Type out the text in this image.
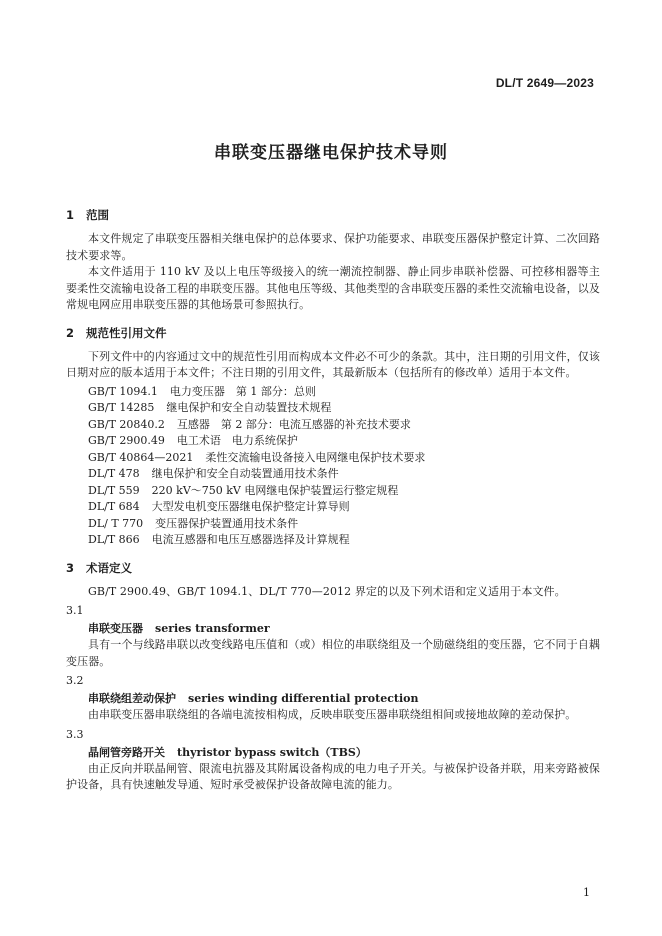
DL/T 2649—2023
串联变压器继电保护技术导则
1 范围

本文件规定了串联变压器相关继电保护的总体要求、保护功能要求、串联变压器保护整定计算、二次回路技术要求等。

本文件适用于 110 kV 及以上电压等级接入的统一潮流控制器、静止同步串联补偿器、可控移相器等主要柔性交流输电设备工程的串联变压器。其他电压等级、其他类型的含串联变压器的柔性交流输电设备，以及常规电网应用串联变压器的其他场景可参照执行。

2 规范性引用文件

下列文件中的内容通过文中的规范性引用而构成本文件必不可少的条款。其中，注日期的引用文件，仅该日期对应的版本适用于本文件；不注日期的引用文件，其最新版本（包括所有的修改单）适用于本文件。

GB/T 1094.1 电力变压器　第 1 部分：总则
GB/T 14285 继电保护和安全自动装置技术规程
GB/T 20840.2 互感器　第 2 部分：电流互感器的补充技术要求
GB/T 2900.49 电工术语　电力系统保护
GB/T 40864—2021 柔性交流输电设备接入电网继电保护技术要求
DL/T 478 继电保护和安全自动装置通用技术条件
DL/T 559 220 kV～750 kV 电网继电保护装置运行整定规程
DL/T 684 大型发电机变压器继电保护整定计算导则
DL/ T 770 变压器保护装置通用技术条件
DL/T 866 电流互感器和电压互感器选择及计算规程
3 术语定义

GB/T 2900.49、GB/T 1094.1、DL/T 770—2012 界定的以及下列术语和定义适用于本文件。

3.1
串联变压器 series transformer

具有一个与线路串联以改变线路电压值和（或）相位的串联绕组及一个励磁绕组的变压器，它不同于自耦变压器。

3.2
串联绕组差动保护 series winding differential protection

由串联变压器串联绕组的各端电流按相构成，反映串联变压器串联绕组相间或接地故障的差动保护。

3.3
晶闸管旁路开关 thyristor bypass switch（TBS）

由正反向并联晶闸管、限流电抗器及其附属设备构成的电力电子开关。与被保护设备并联，用来旁路被保护设备，具有快速触发导通、短时承受被保护设备故障电流的能力。

1
